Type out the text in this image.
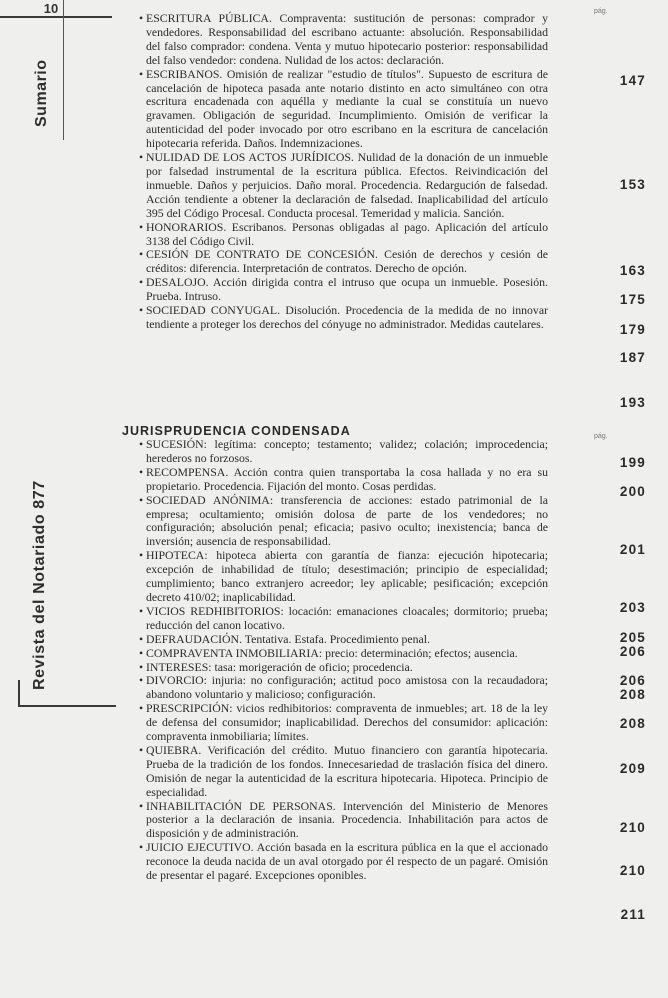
10
Sumario
Revista del Notariado 877
pág.
pág.
• ESCRITURA PÚBLICA. Compraventa: sustitución de personas: comprador y vendedores. Responsabilidad del escribano actuante: absolución. Responsabilidad del falso comprador: condena. Venta y mutuo hipotecario posterior: responsabilidad del falso vendedor: condena. Nulidad de los actos: declaración.
• ESCRIBANOS. Omisión de realizar "estudio de títulos". Supuesto de escritura de cancelación de hipoteca pasada ante notario distinto en acto simultáneo con otra escritura encadenada con aquélla y mediante la cual se constituía un nuevo gravamen. Obligación de seguridad. Incumplimiento. Omisión de verificar la autenticidad del poder invocado por otro escribano en la escritura de cancelación hipotecaria referida. Daños. Indemnizaciones.
• NULIDAD DE LOS ACTOS JURÍDICOS. Nulidad de la donación de un inmueble por falsedad instrumental de la escritura pública. Efectos. Reivindicación del inmueble. Daños y perjuicios. Daño moral. Procedencia. Redargución de falsedad. Acción tendiente a obtener la declaración de falsedad. Inaplicabilidad del artículo 395 del Código Procesal. Conducta procesal. Temeridad y malicia. Sanción.
• HONORARIOS. Escribanos. Personas obligadas al pago. Aplicación del artículo 3138 del Código Civil.
• CESIÓN DE CONTRATO DE CONCESIÓN. Cesión de derechos y cesión de créditos: diferencia. Interpretación de contratos. Derecho de opción.
• DESALOJO. Acción dirigida contra el intruso que ocupa un inmueble. Posesión. Prueba. Intruso.
• SOCIEDAD CONYUGAL. Disolución. Procedencia de la medida de no innovar tendiente a proteger los derechos del cónyuge no administrador. Medidas cautelares.
147
153
163
175
179
187
193
JURISPRUDENCIA CONDENSADA
• SUCESIÓN: legítima: concepto; testamento; validez; colación; improcedencia; herederos no forzosos.
• RECOMPENSA. Acción contra quien transportaba la cosa hallada y no era su propietario. Procedencia. Fijación del monto. Cosas perdidas.
• SOCIEDAD ANÓNIMA: transferencia de acciones: estado patrimonial de la empresa; ocultamiento; omisión dolosa de parte de los vendedores; no configuración; absolución penal; eficacia; pasivo oculto; inexistencia; banca de inversión; ausencia de responsabilidad.
• HIPOTECA: hipoteca abierta con garantía de fianza: ejecución hipotecaria; excepción de inhabilidad de título; desestimación; principio de especialidad; cumplimiento; banco extranjero acreedor; ley aplicable; pesificación; excepción decreto 410/02; inaplicabilidad.
• VICIOS REDHIBITORIOS: locación: emanaciones cloacales; dormitorio; prueba; reducción del canon locativo.
• DEFRAUDACIÓN. Tentativa. Estafa. Procedimiento penal.
• COMPRAVENTA INMOBILIARIA: precio: determinación; efectos; ausencia.
• INTERESES: tasa: morigeración de oficio; procedencia.
• DIVORCIO: injuria: no configuración; actitud poco amistosa con la recaudadora; abandono voluntario y malicioso; configuración.
• PRESCRIPCIÓN: vicios redhibitorios: compraventa de inmuebles; art. 18 de la ley de defensa del consumidor; inaplicabilidad. Derechos del consumidor: aplicación: compraventa inmobiliaria; límites.
• QUIEBRA. Verificación del crédito. Mutuo financiero con garantía hipotecaria. Prueba de la tradición de los fondos. Innecesariedad de traslación física del dinero. Omisión de negar la autenticidad de la escritura hipotecaria. Hipoteca. Principio de especialidad.
• INHABILITACIÓN DE PERSONAS. Intervención del Ministerio de Menores posterior a la declaración de insania. Procedencia. Inhabilitación para actos de disposición y de administración.
• JUICIO EJECUTIVO. Acción basada en la escritura pública en la que el accionado reconoce la deuda nacida de un aval otorgado por él respecto de un pagaré. Omisión de presentar el pagaré. Excepciones oponibles.
199
200
201
203
205
206
206
208
208
209
210
210
211
